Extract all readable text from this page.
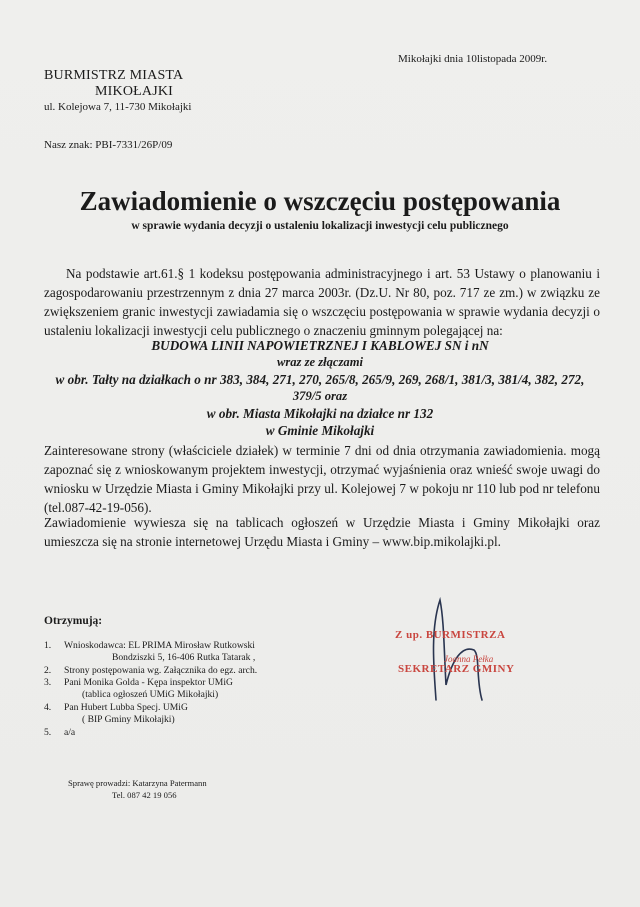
Mikołajki dnia 10listopada 2009r.
BURMISTRZ MIASTA
MIKOŁAJKI
ul. Kolejowa 7, 11-730 Mikołajki
Nasz znak: PBI-7331/26P/09
Zawiadomienie o wszczęciu postępowania
w sprawie wydania decyzji o ustaleniu lokalizacji inwestycji celu publicznego
Na podstawie art.61.§ 1 kodeksu postępowania administracyjnego i art. 53 Ustawy o planowaniu i zagospodarowaniu przestrzennym z dnia 27 marca 2003r. (Dz.U. Nr 80, poz. 717 ze zm.) w związku ze zwiększeniem granic inwestycji zawiadamia się o wszczęciu postępowania w sprawie wydania decyzji o ustaleniu lokalizacji inwestycji celu publicznego o znaczeniu gminnym polegającej na:
BUDOWA LINII NAPOWIETRZNEJ I KABLOWEJ SN i nN
wraz ze złączami
w obr. Tałty na działkach o nr 383, 384, 271, 270, 265/8, 265/9, 269, 268/1, 381/3, 381/4, 382, 272,
379/5 oraz
w obr. Miasta Mikołajki na działce nr 132
w Gminie Mikołajki
Zainteresowane strony (właściciele działek) w terminie 7 dni od dnia otrzymania zawiadomienia. mogą zapoznać się z wnioskowanym projektem inwestycji, otrzymać wyjaśnienia oraz wnieść swoje uwagi do wniosku w Urzędzie Miasta i Gminy Mikołajki przy ul. Kolejowej 7 w pokoju nr 110 lub pod nr telefonu (tel.087-42-19-056).
Zawiadomienie wywiesza się na tablicach ogłoszeń w Urzędzie Miasta i Gminy Mikołajki oraz umieszcza się na stronie internetowej Urzędu Miasta i Gminy – www.bip.mikolajki.pl.
Otrzymują:
1. Wnioskodawca: EL PRIMA Mirosław Rutkowski
Bondziszki 5, 16-406 Rutka Tatarak ,
2. Strony postępowania wg. Załącznika do egz. arch.
3. Pani Monika Golda - Kępa inspektor UMiG
(tablica ogłoszeń UMiG Mikołajki)
4. Pan Hubert Lubba Specj. UMiG
( BIP Gminy Mikołajki)
5. a/a
Z up. BURMISTRZA
Joanna Pełka
SEKRETARZ GMINY
Sprawę prowadzi: Katarzyna Patermann
Tel. 087 42 19 056
